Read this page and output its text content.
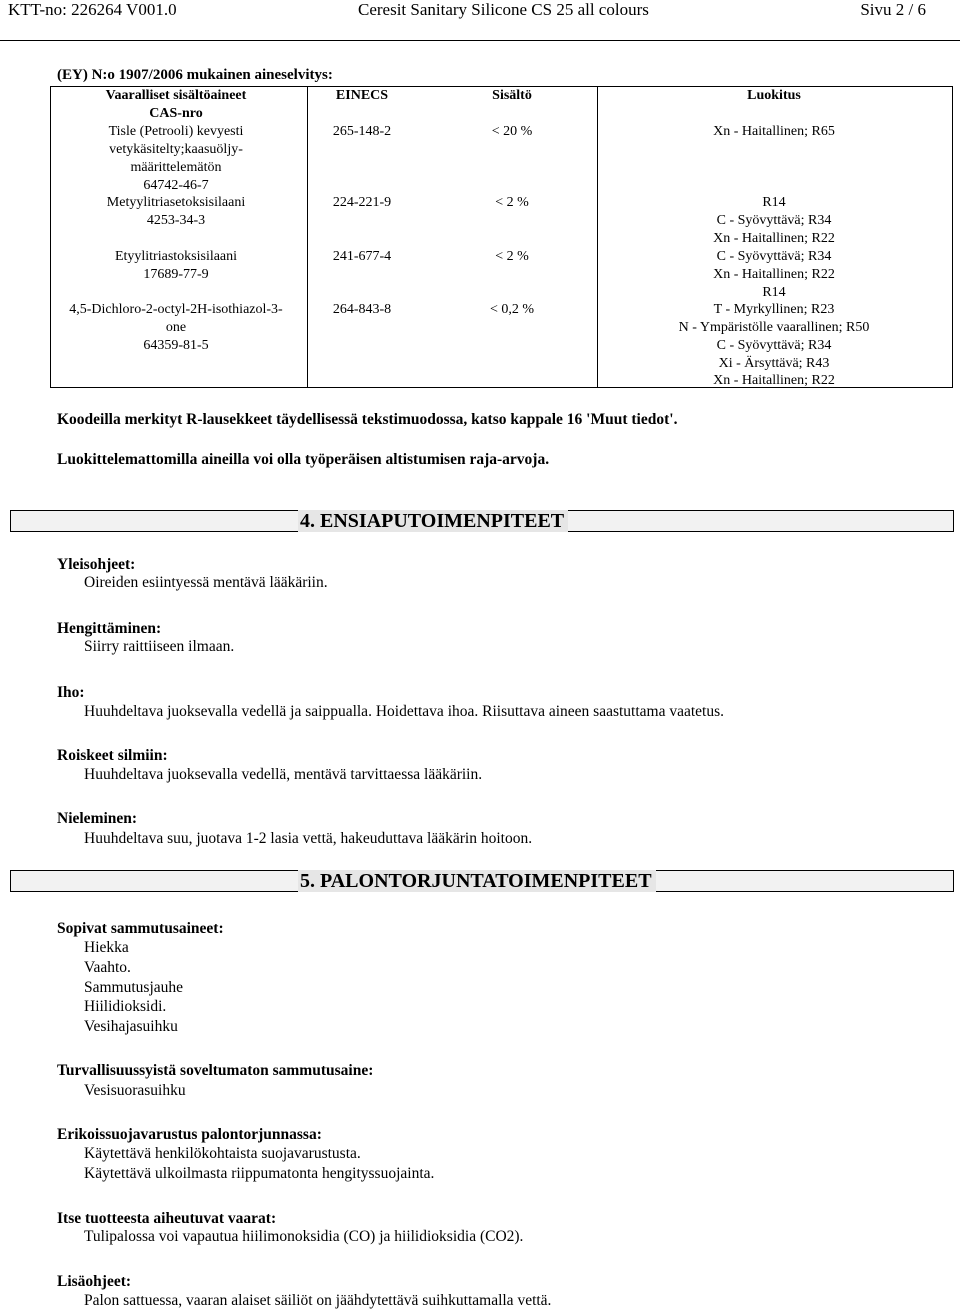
KTT-no: 226264 V001.0	Ceresit Sanitary Silicone CS 25 all colours	Sivu 2 / 6
(EY) N:o 1907/2006 mukainen aineselvitys:
Vaaralliset sisältöaineet
CAS-nro
EINECS	Sisältö	Luokitus
Tisle (Petrooli) kevyesti
vetykäsitelty;kaasuöljy-
määrittelemätön
64742-46-7
265-148-2	< 20 %	Xn - Haitallinen; R65
Metyylitriasetoksisilaani
4253-34-3
224-221-9	< 2 %	R14
C - Syövyttävä; R34
Xn - Haitallinen; R22
Etyylitriastoksisilaani
17689-77-9
241-677-4	< 2 %	C - Syövyttävä; R34
Xn - Haitallinen; R22
R14
4,5-Dichloro-2-octyl-2H-isothiazol-3-
one
64359-81-5
264-843-8	< 0,2 %	T - Myrkyllinen; R23
N - Ympäristölle vaarallinen; R50
C - Syövyttävä; R34
Xi - Ärsyttävä; R43
Xn - Haitallinen; R22
Koodeilla merkityt R-lausekkeet täydellisessä tekstimuodossa, katso kappale 16 'Muut tiedot'.
Luokittelemattomilla aineilla voi olla työperäisen altistumisen raja-arvoja.
4. ENSIAPUTOIMENPITEET
Yleisohjeet:
Oireiden esiintyessä mentävä lääkäriin.
Hengittäminen:
Siirry raittiiseen ilmaan.
Iho:
Huuhdeltava juoksevalla vedellä ja saippualla. Hoidettava ihoa. Riisuttava aineen saastuttama vaatetus.
Roiskeet silmiin:
Huuhdeltava juoksevalla vedellä, mentävä tarvittaessa lääkäriin.
Nieleminen:
Huuhdeltava suu, juotava 1-2 lasia vettä, hakeuduttava lääkärin hoitoon.
5. PALONTORJUNTATOIMENPITEET
Sopivat sammutusaineet:
Hiekka
Vaahto.
Sammutusjauhe
Hiilidioksidi.
Vesihajasuihku
Turvallisuussyistä soveltumaton sammutusaine:
Vesisuorasuihku
Erikoissuojavarustus palontorjunnassa:
Käytettävä henkilökohtaista suojavarustusta.
Käytettävä ulkoilmasta riippumatonta hengityssuojainta.
Itse tuotteesta aiheutuvat vaarat:
Tulipalossa voi vapautua hiilimonoksidia (CO) ja hiilidioksidia (CO2).
Lisäohjeet:
Palon sattuessa, vaaran alaiset säiliöt on jäähdytettävä suihkuttamalla vettä.
